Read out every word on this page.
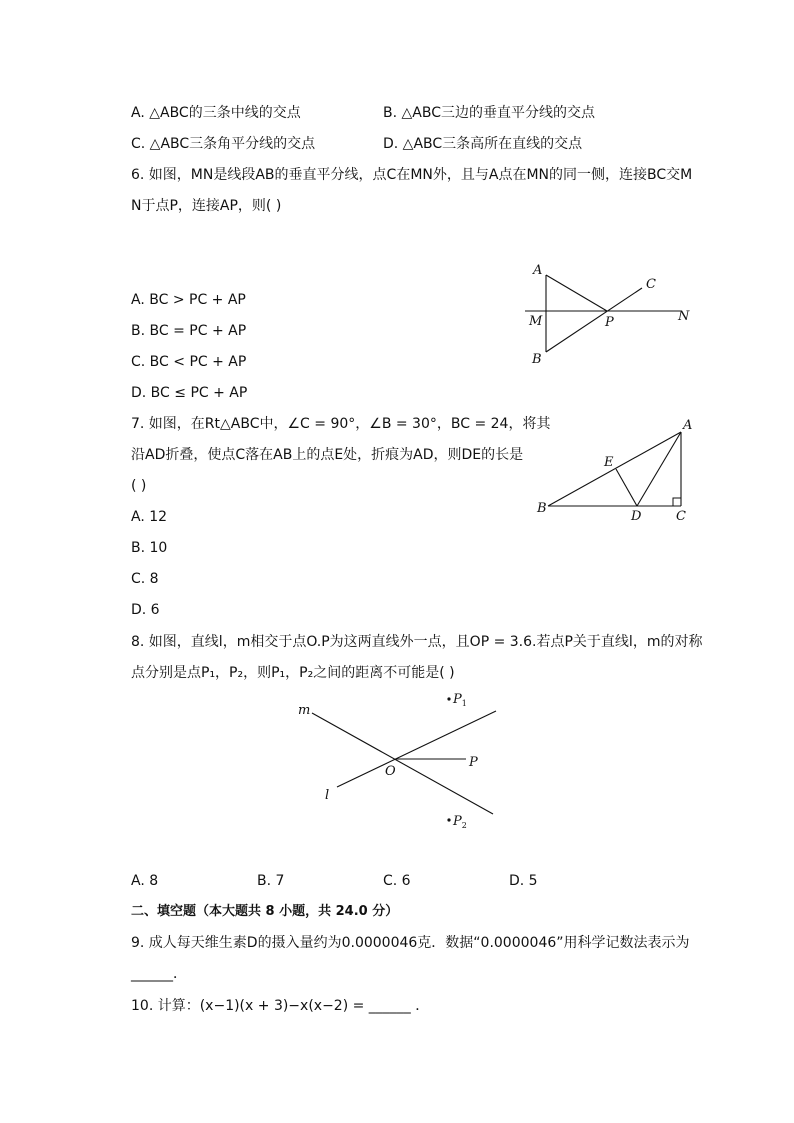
A. △ABC的三条中线的交点	B. △ABC三边的垂直平分线的交点
C. △ABC三条角平分线的交点	D. △ABC三条高所在直线的交点
6. 如图，MN是线段AB的垂直平分线，点C在MN外，且与A点在MN的同一侧，连接BC交M
N于点P，连接AP，则( )
A. BC > PC + AP
B. BC = PC + AP
C. BC < PC + AP
D. BC ≤ PC + AP
A
B
C
M	N
P
7. 如图，在Rt△ABC中，∠C = 90°，∠B = 30°，BC = 24，将其
沿AD折叠，使点C落在AB上的点E处，折痕为AD，则DE的长是
( )
A. 12
B. 10
C. 8
D. 6
A
B
C
D
E
8. 如图，直线l，m相交于点O.P为这两直线外一点，且OP = 3.6.若点P关于直线l，m的对称
点分别是点P₁，P₂，则P₁，P₂之间的距离不可能是( )
m
l
O
P
$P_1$
$P_2$
A. 8	B. 7	C. 6	D. 5
二、填空题（本大题共 8 小题，共 24.0 分）
9. 成人每天维生素D的摄入量约为0.0000046克．数据“0.0000046”用科学记数法表示为
______．
10. 计算：(x−1)(x + 3)−x(x−2) = ______ ．
